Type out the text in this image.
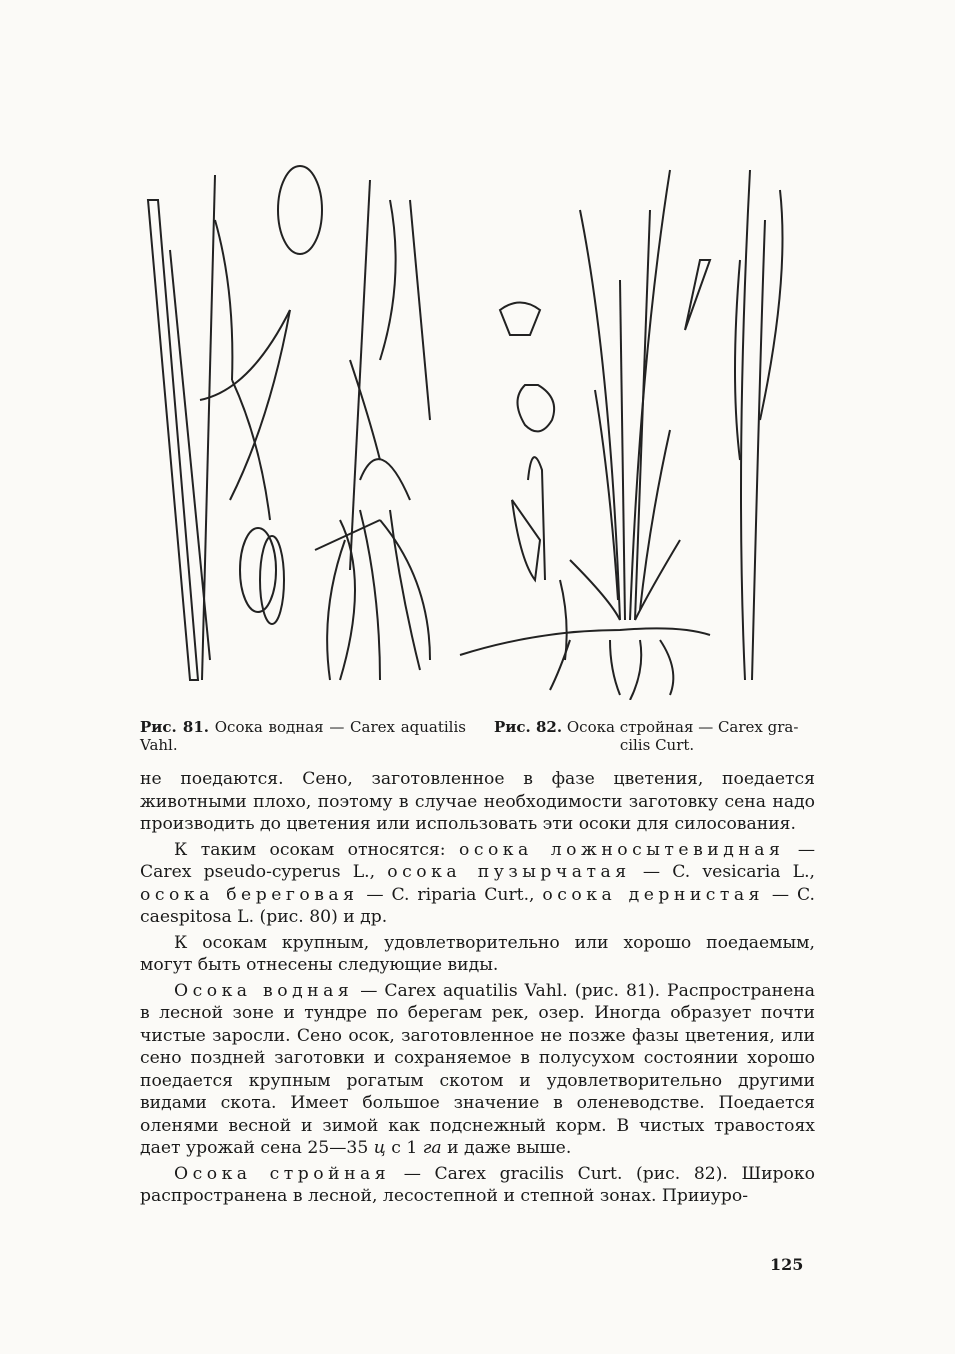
Рис. 81. Осока водная — Carex aquatilis Vahl.
Рис. 82. Осока стройная — Carex gra-
cilis Curt.

не поедаются. Сено, заготовленное в фазе цветения, поедается животными плохо, поэтому в случае необходимости заготовку сена надо производить до цветения или использовать эти осоки для силосования.

К таким осокам относятся: осока ложносытевидная — Carex pseudo-cyperus L., осока пузырчатая — C. vesicaria L., осока береговая — C. riparia Curt., осока дернистая — C. caespitosa L. (рис. 80) и др.

К осокам крупным, удовлетворительно или хорошо поедаемым, могут быть отнесены следующие виды.

Осока водная — Carex aquatilis Vahl. (рис. 81). Распространена в лесной зоне и тундре по берегам рек, озер. Иногда образует почти чистые заросли. Сено осок, заготовленное не позже фазы цветения, или сено поздней заготовки и сохраняемое в полусухом состоянии хорошо поедается крупным рогатым скотом и удовлетворительно другими видами скота. Имеет большое значение в оленеводстве. Поедается оленями весной и зимой как подснежный корм. В чистых травостоях дает урожай сена 25—35 ц с 1 га и даже выше.

Осока стройная — Carex gracilis Curt. (рис. 82). Широко распространена в лесной, лесостепной и степной зонах. Прииуро-

125
